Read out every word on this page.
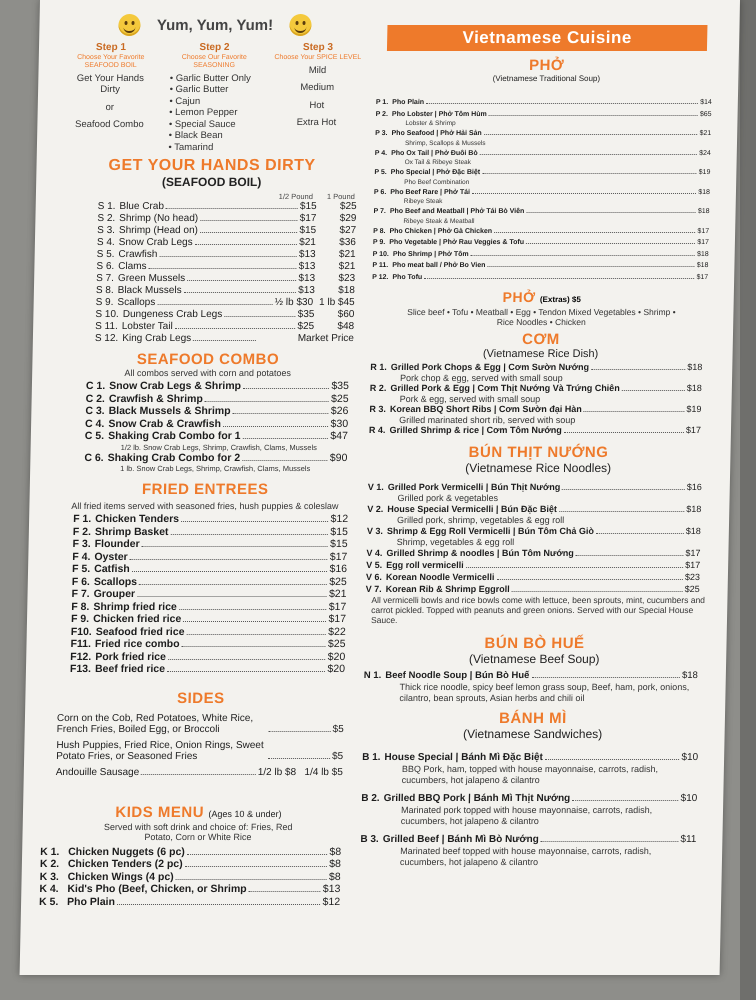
Yum, Yum, Yum!
Step 1
Choose Your Favorite SEAFOOD BOIL
Get Your Hands Dirty
or
Seafood Combo
Step 2
Choose Our Favorite SEASONING
• Garlic Butter Only
• Garlic Butter
• Cajun
• Lemon Pepper
• Special Sauce
• Black Bean
• Tamarind
Step 3
Choose Your SPICE LEVEL
Mild
Medium
Hot
Extra Hot
GET YOUR HANDS DIRTY
(SEAFOOD BOIL)
1/2 Pound 1 Pound
S 1. Blue Crab	$15	$25
S 2. Shrimp (No head)	$17	$29
S 3. Shrimp (Head on)	$15	$27
S 4. Snow Crab Legs	$21	$36
S 5. Crawfish	$13	$21
S 6. Clams	$13	$21
S 7. Green Mussels	$13	$23
S 8. Black Mussels	$13	$18
S 9. Scallops	½ lb $30 1 lb $45
S 10. Dungeness Crab Legs	$35	$60
S 11. Lobster Tail	$25	$48
S 12. King Crab Legs	Market Price
SEAFOOD COMBO
All combos served with corn and potatoes
C 1. Snow Crab Legs & Shrimp	$35
C 2. Crawfish & Shrimp	$25
C 3. Black Mussels & Shrimp	$26
C 4. Snow Crab & Crawfish	$30
C 5. Shaking Crab Combo for 1	$47
1/2 lb. Snow Crab Legs, Shrimp, Crawfish, Clams, Mussels
C 6. Shaking Crab Combo for 2	$90
1 lb. Snow Crab Legs, Shrimp, Crawfish, Clams, Mussels
FRIED ENTREES
All fried items served with seasoned fries, hush puppies & coleslaw
F 1. Chicken Tenders	$12
F 2. Shrimp Basket	$15
F 3. Flounder	$15
F 4. Oyster	$17
F 5. Catfish	$16
F 6. Scallops	$25
F 7. Grouper	$21
F 8. Shrimp fried rice	$17
F 9. Chicken fried rice	$17
F10. Seafood fried rice	$22
F11. Fried rice combo	$25
F12. Pork fried rice	$20
F13. Beef fried rice	$20
SIDES
Corn on the Cob, Red Potatoes, White Rice, French Fries, Boiled Egg, or Broccoli	$5
Hush Puppies, Fried Rice, Onion Rings, Sweet Potato Fries, or Seasoned Fries	$5
Andouille Sausage	1/2 lb $8   1/4 lb $5
KIDS MENU (Ages 10 & under)
Served with soft drink and choice of: Fries, Red Potato, Corn or White Rice
K 1. Chicken Nuggets (6 pc)	$8
K 2. Chicken Tenders (2 pc)	$8
K 3. Chicken Wings (4 pc)	$8
K 4. Kid's Pho (Beef, Chicken, or Shrimp	$13
K 5. Pho Plain	$12
Vietnamese Cuisine
PHỞ
(Vietnamese Traditional Soup)
P 1. Pho Plain	$14
P 2. Pho Lobster | Phở Tôm Hùm	$65
Lobster & Shrimp
P 3. Pho Seafood | Phở Hải Sản	$21
Shrimp, Scallops & Mussels
P 4. Pho Ox Tail | Phở Đuôi Bò	$24
Ox Tail & Ribeye Steak
P 5. Pho Special | Phở Đặc Biệt	$19
Pho Beef Combination
P 6. Pho Beef Rare | Phở Tái	$18
Ribeye Steak
P 7. Pho Beef and Meatball | Phở Tái Bò Viên	$18
Ribeye Steak & Meatball
P 8. Pho Chicken | Phở Gà Chicken	$17
P 9. Pho Vegetable | Phở Rau Veggies & Tofu	$17
P 10. Pho Shrimp | Phở Tôm	$18
P 11. Pho meat ball / Phở Bo Vien	$18
P 12. Pho Tofu	$17
PHỞ (Extras) $5
Slice beef • Tofu • Meatball • Egg • Tendon Mixed Vegetables • Shrimp • Rice Noodles • Chicken
CƠM
(Vietnamese Rice Dish)
R 1. Grilled Pork Chops & Egg | Cơm Sườn Nướng	$18
Pork chop & egg, served with small soup
R 2. Grilled Pork & Egg | Cơm Thịt Nướng Và Trứng Chiên	$18
Pork & egg, served with small soup
R 3. Korean BBQ Short Ribs | Cơm Sườn đại Hàn	$19
Grilled marinated short rib, served with soup
R 4. Grilled Shrimp & rice | Cơm Tôm Nướng	$17
BÚN THỊT NƯỚNG
(Vietnamese Rice Noodles)
V 1. Grilled Pork Vermicelli | Bún Thịt Nướng	$16
Grilled pork & vegetables
V 2. House Special Vermicelli | Bún Đặc Biệt	$18
Grilled pork, shrimp, vegetables & egg roll
V 3. Shrimp & Egg Roll Vermicelli | Bún Tôm Chả Giò	$18
Shrimp, vegetables & egg roll
V 4. Grilled Shrimp & noodles | Bún Tôm Nướng	$17
V 5. Egg roll vermicelli	$17
V 6. Korean Noodle Vermicelli	$23
V 7. Korean Rib & Shrimp Eggroll	$25
All vermicelli bowls and rice bowls come with lettuce, been sprouts, mint, cucumbers and carrot pickled. Topped with peanuts and green onions. Served with our Special House Sauce.
BÚN BÒ HUẾ
(Vietnamese Beef Soup)
N 1. Beef Noodle Soup | Bún Bò Huế	$18
Thick rice noodle, spicy beef lemon grass soup, Beef, ham, pork, onions, cilantro, bean sprouts, Asian herbs and chili oil
BÁNH MÌ
(Vietnamese Sandwiches)
B 1. House Special | Bánh Mì Đặc Biệt	$10
BBQ Pork, ham, topped with house mayonnaise, carrots, radish, cucumbers, hot jalapeno & cilantro
B 2. Grilled BBQ Pork | Bánh Mì Thịt Nướng	$10
Marinated pork topped with house mayonnaise, carrots, radish, cucumbers, hot jalapeno & cilantro
B 3. Grilled Beef | Bánh Mì Bò Nướng	$11
Marinated beef topped with house mayonnaise, carrots, radish, cucumbers, hot jalapeno & cilantro
